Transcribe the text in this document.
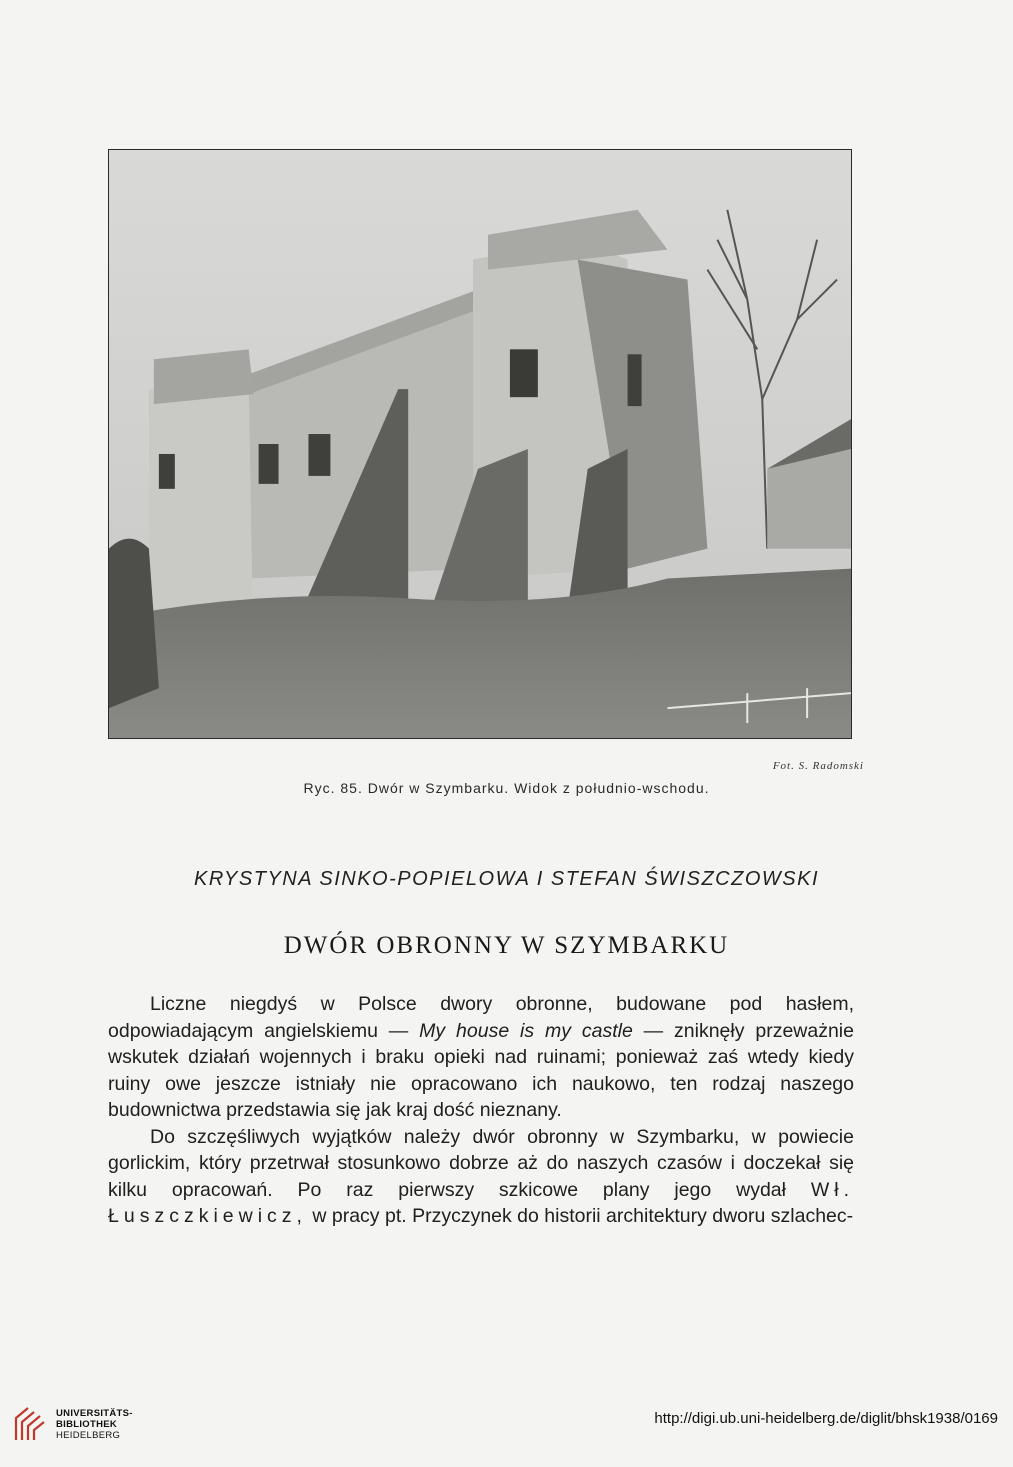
Fot. S. Radomski
Ryc. 85. Dwór w Szymbarku. Widok z południo-wschodu.
KRYSTYNA SINKO-POPIELOWA I STEFAN ŚWISZCZOWSKI
DWÓR OBRONNY W SZYMBARKU

Liczne niegdyś w Polsce dwory obronne, budowane pod hasłem, odpowiadającym angielskiemu — My house is my castle — zniknęły przeważnie wskutek działań wojennych i braku opieki nad ruinami; ponieważ zaś wtedy kiedy ruiny owe jeszcze istniały nie opracowano ich naukowo, ten rodzaj naszego budownictwa przedstawia się jak kraj dość nieznany.

Do szczęśliwych wyjątków należy dwór obronny w Szymbarku, w powiecie gorlickim, który przetrwał stosunkowo dobrze aż do naszych czasów i doczekał się kilku opracowań. Po raz pierwszy szkicowe plany jego wydał Wł. Łuszczkiewicz, w pracy pt. Przyczynek do historii architektury dworu szlachec-

UNIVERSITÄTS-
BIBLIOTHEK
HEIDELBERG
http://digi.ub.uni-heidelberg.de/diglit/bhsk1938/0169
